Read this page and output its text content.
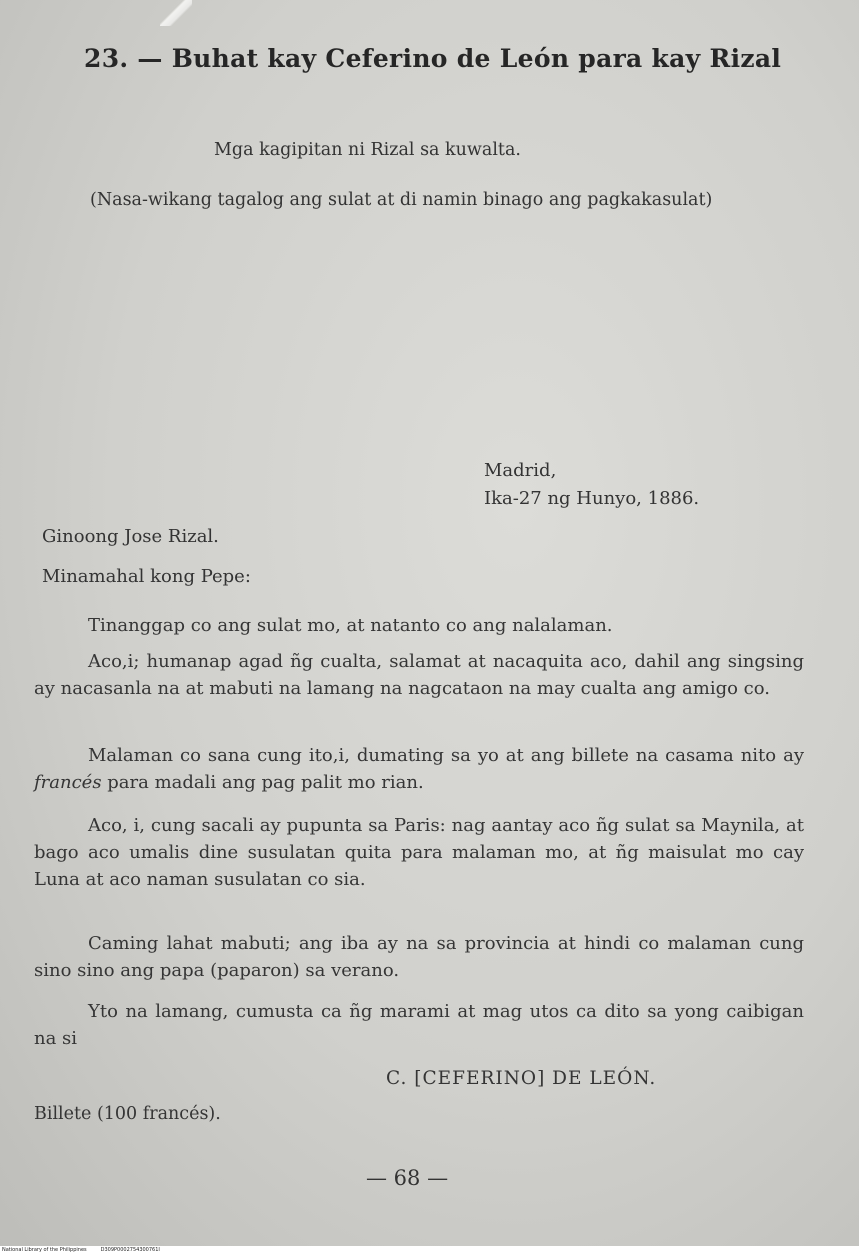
23. — Buhat kay Ceferino de León para kay Rizal
Mga kagipitan ni Rizal sa kuwalta.
(Nasa-wikang tagalog ang sulat at di namin binago ang pagkakasulat)
Madrid,
Ika-27 ng Hunyo, 1886.
Ginoong Jose Rizal.
Minamahal kong Pepe:
Tinanggap co ang sulat mo, at natanto co ang nalalaman.
Aco,i; humanap agad ñg cualta, salamat at nacaquita aco, dahil ang singsing ay nacasanla na at mabuti na lamang na nagcataon na may cualta ang amigo co.
Malaman co sana cung ito,i, dumating sa yo at ang billete na casama nito ay francés para madali ang pag palit mo rian.
Aco, i, cung sacali ay pupunta sa Paris: nag aantay aco ñg sulat sa Maynila, at bago aco umalis dine susulatan quita para malaman mo, at ñg maisulat mo cay Luna at aco naman susulatan co sia.
Caming lahat mabuti; ang iba ay na sa provincia at hindi co malaman cung sino sino ang papa (paparon) sa verano.
Yto na lamang, cumusta ca ñg marami at mag utos ca dito sa yong caibigan na si
C. [CEFERINO] DE LEÓN.
Billete (100 francés).
— 68 —
National Library of the Philippines	D309P0002754300761I
